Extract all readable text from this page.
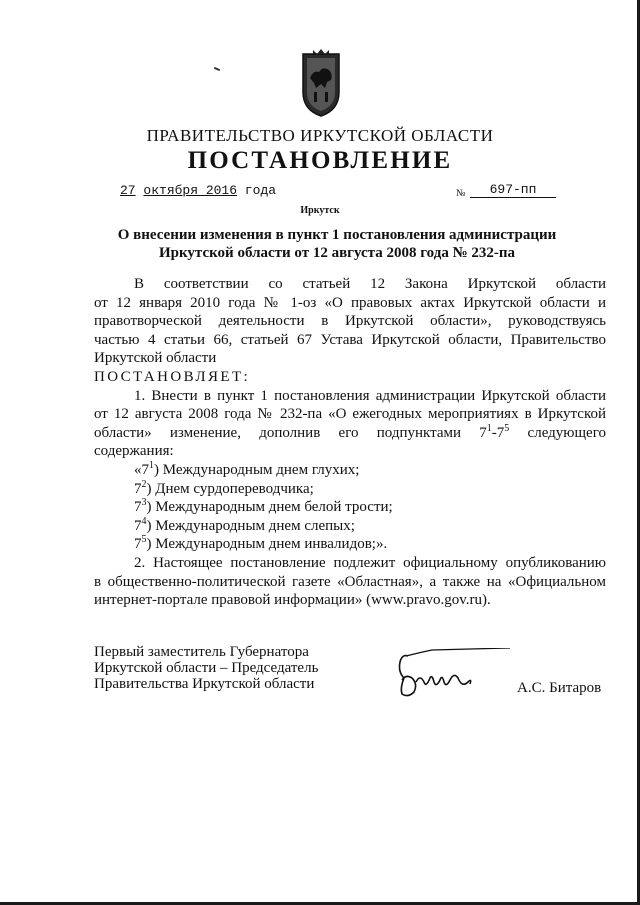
ПРАВИТЕЛЬСТВО ИРКУТСКОЙ ОБЛАСТИ
ПОСТАНОВЛЕНИЕ
27 октября 2016 года	№	697-пп
Иркутск
О внесении изменения в пункт 1 постановления администрации
Иркутской области от 12 августа 2008 года № 232-па

В соответствии со статьей 12 Закона Иркутской области

от 12 января 2010 года № 1-оз «О правовых актах Иркутской области и

правотворческой деятельности в Иркутской области», руководствуясь

частью 4 статьи 66, статьей 67 Устава Иркутской области, Правительство

Иркутской области

ПОСТАНОВЛЯЕТ:

1. Внести в пункт 1 постановления администрации Иркутской области

от 12 августа 2008 года № 232-па «О ежегодных мероприятиях в Иркутской

области» изменение, дополнив его подпунктами $7^1-7^5$ следующего

содержания:

«$7^1$) Международным днем глухих;

$7^2$) Днем сурдопереводчика;

$7^3$) Международным днем белой трости;

$7^4$) Международным днем слепых;

$7^5$) Международным днем инвалидов;».

2. Настоящее постановление подлежит официальному опубликованию

в общественно-политической газете «Областная», а также на «Официальном

интернет-портале правовой информации» (www.pravo.gov.ru).

Первый заместитель Губернатора
Иркутской области – Председатель
Правительства Иркутской области	А.С. Битаров
